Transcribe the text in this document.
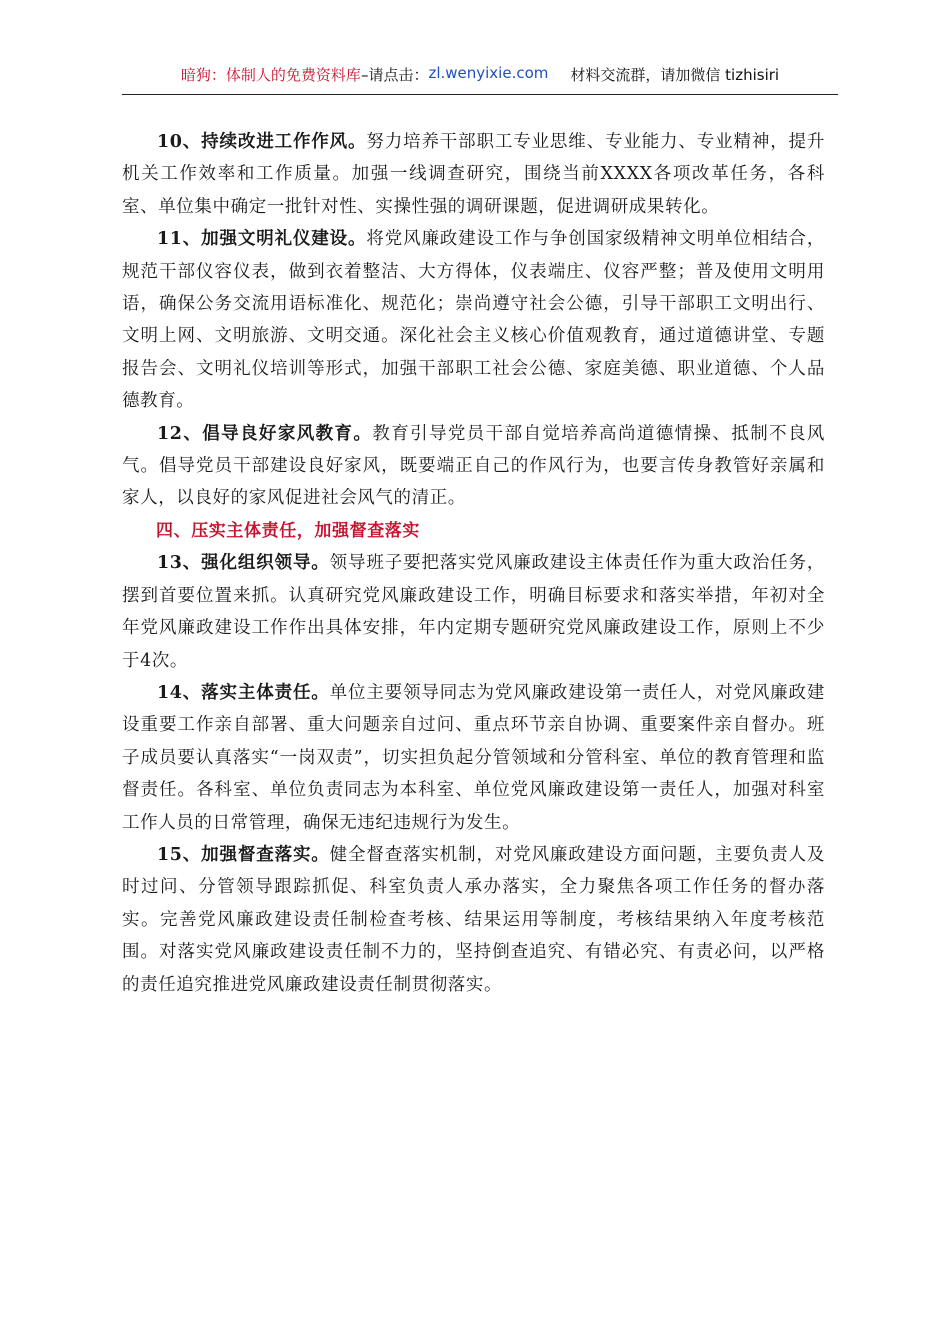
暗狗：体制人的免费资料库 –请点击： zl.wenyixie.com 材料交流群，请加微信 tizhisiri

10、持续改进工作作风。努力培养干部职工专业思维、专业能力、专业精神，提升机关工作效率和工作质量。加强一线调查研究，围绕当前XXXX各项改革任务，各科室、单位集中确定一批针对性、实操性强的调研课题，促进调研成果转化。

11、加强文明礼仪建设。将党风廉政建设工作与争创国家级精神文明单位相结合，规范干部仪容仪表，做到衣着整洁、大方得体，仪表端庄、仪容严整；普及使用文明用语，确保公务交流用语标准化、规范化；崇尚遵守社会公德，引导干部职工文明出行、文明上网、文明旅游、文明交通。深化社会主义核心价值观教育，通过道德讲堂、专题报告会、文明礼仪培训等形式，加强干部职工社会公德、家庭美德、职业道德、个人品德教育。

12、倡导良好家风教育。教育引导党员干部自觉培养高尚道德情操、抵制不良风气。倡导党员干部建设良好家风，既要端正自己的作风行为，也要言传身教管好亲属和家人，以良好的家风促进社会风气的清正。

四、压实主体责任，加强督查落实

13、强化组织领导。领导班子要把落实党风廉政建设主体责任作为重大政治任务，摆到首要位置来抓。认真研究党风廉政建设工作，明确目标要求和落实举措，年初对全年党风廉政建设工作作出具体安排，年内定期专题研究党风廉政建设工作，原则上不少于4次。

14、落实主体责任。单位主要领导同志为党风廉政建设第一责任人，对党风廉政建设重要工作亲自部署、重大问题亲自过问、重点环节亲自协调、重要案件亲自督办。班子成员要认真落实“一岗双责”，切实担负起分管领域和分管科室、单位的教育管理和监督责任。各科室、单位负责同志为本科室、单位党风廉政建设第一责任人，加强对科室工作人员的日常管理，确保无违纪违规行为发生。

15、加强督查落实。健全督查落实机制，对党风廉政建设方面问题，主要负责人及时过问、分管领导跟踪抓促、科室负责人承办落实，全力聚焦各项工作任务的督办落实。完善党风廉政建设责任制检查考核、结果运用等制度，考核结果纳入年度考核范围。对落实党风廉政建设责任制不力的，坚持倒查追究、有错必究、有责必问，以严格的责任追究推进党风廉政建设责任制贯彻落实。
